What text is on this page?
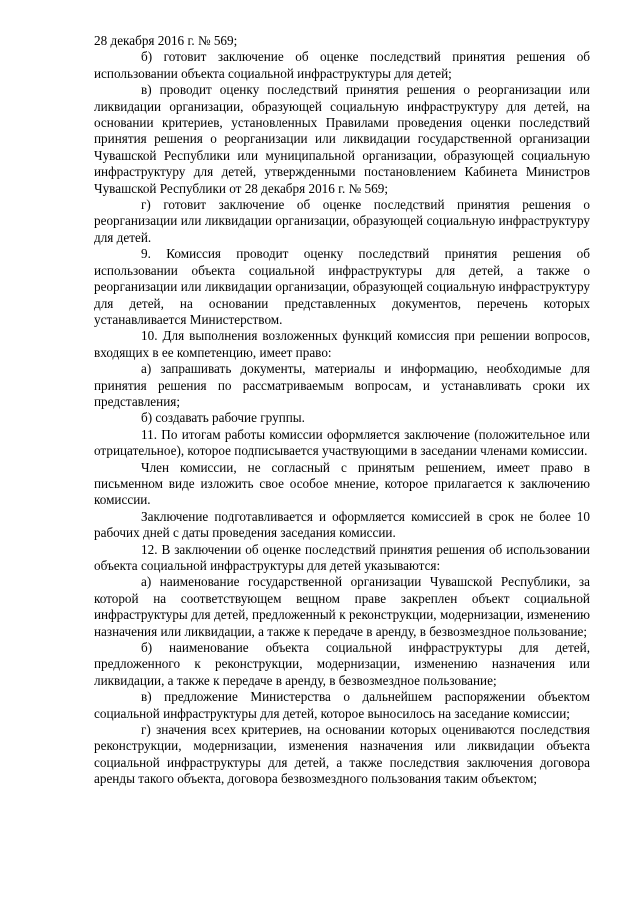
28 декабря 2016 г. № 569;

б) готовит заключение об оценке последствий принятия решения об использовании объекта социальной инфраструктуры для детей;

в) проводит оценку последствий принятия решения о реорганизации или ликвидации организации, образующей социальную инфраструктуру для детей, на основании критериев, установленных Правилами проведения оценки последствий принятия решения о реорганизации или ликвидации государственной организации Чувашской Республики или муниципальной организации, образующей социальную инфраструктуру для детей, утвержденными постановлением Кабинета Министров Чувашской Республики от 28 декабря 2016 г. № 569;

г) готовит заключение об оценке последствий принятия решения о реорганизации или ликвидации организации, образующей социальную инфраструктуру для детей.

9. Комиссия проводит оценку последствий принятия решения об использовании объекта социальной инфраструктуры для детей, а также о реорганизации или ликвидации организации, образующей социальную инфраструктуру для детей, на основании представленных документов, перечень которых устанавливается Министерством.

10. Для выполнения возложенных функций комиссия при решении вопросов, входящих в ее компетенцию, имеет право:

а) запрашивать документы, материалы и информацию, необходимые для принятия решения по рассматриваемым вопросам, и устанавливать сроки их представления;

б) создавать рабочие группы.

11. По итогам работы комиссии оформляется заключение (положительное или отрицательное), которое подписывается участвующими в заседании членами комиссии.

Член комиссии, не согласный с принятым решением, имеет право в письменном виде изложить свое особое мнение, которое прилагается к заключению комиссии.

Заключение подготавливается и оформляется комиссией в срок не более 10 рабочих дней с даты проведения заседания комиссии.

12. В заключении об оценке последствий принятия решения об использовании объекта социальной инфраструктуры для детей указываются:

а) наименование государственной организации Чувашской Республики, за которой на соответствующем вещном праве закреплен объект социальной инфраструктуры для детей, предложенный к реконструкции, модернизации, изменению назначения или ликвидации, а также к передаче в аренду, в безвозмездное пользование;

б) наименование объекта социальной инфраструктуры для детей, предложенного к реконструкции, модернизации, изменению назначения или ликвидации, а также к передаче в аренду, в безвозмездное пользование;

в) предложение Министерства о дальнейшем распоряжении объектом социальной инфраструктуры для детей, которое выносилось на заседание комиссии;

г) значения всех критериев, на основании которых оцениваются последствия реконструкции, модернизации, изменения назначения или ликвидации объекта социальной инфраструктуры для детей, а также последствия заключения договора аренды такого объекта, договора безвозмездного пользования таким объектом;
